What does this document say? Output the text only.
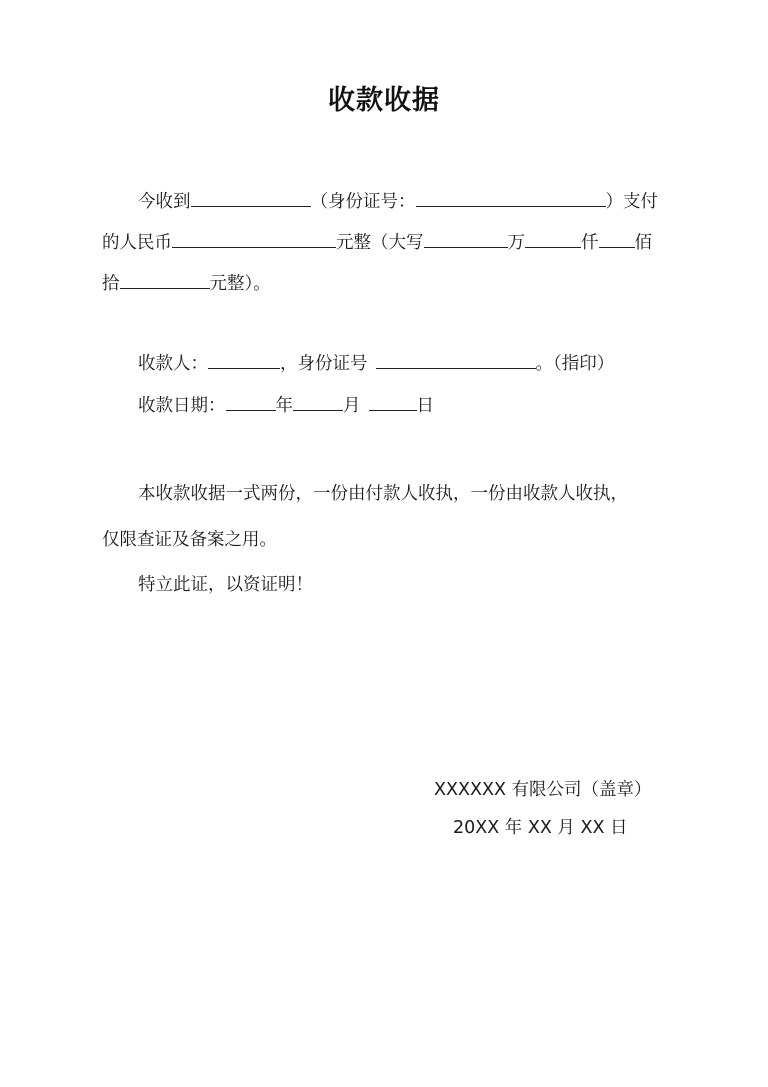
收款收据
今收到	（身份证号：	）支付
的人民币	元整（大写	万	仟 佰
拾	元整）。
收款人：	，身份证号	。（指印）
收款日期：	年	月	日
本收款收据一式两份，一份由付款人收执，一份由收款人收执，
仅限查证及备案之用。
特立此证，以资证明！
XXXXXX 有限公司（盖章）
20XX 年 XX 月 XX 日
